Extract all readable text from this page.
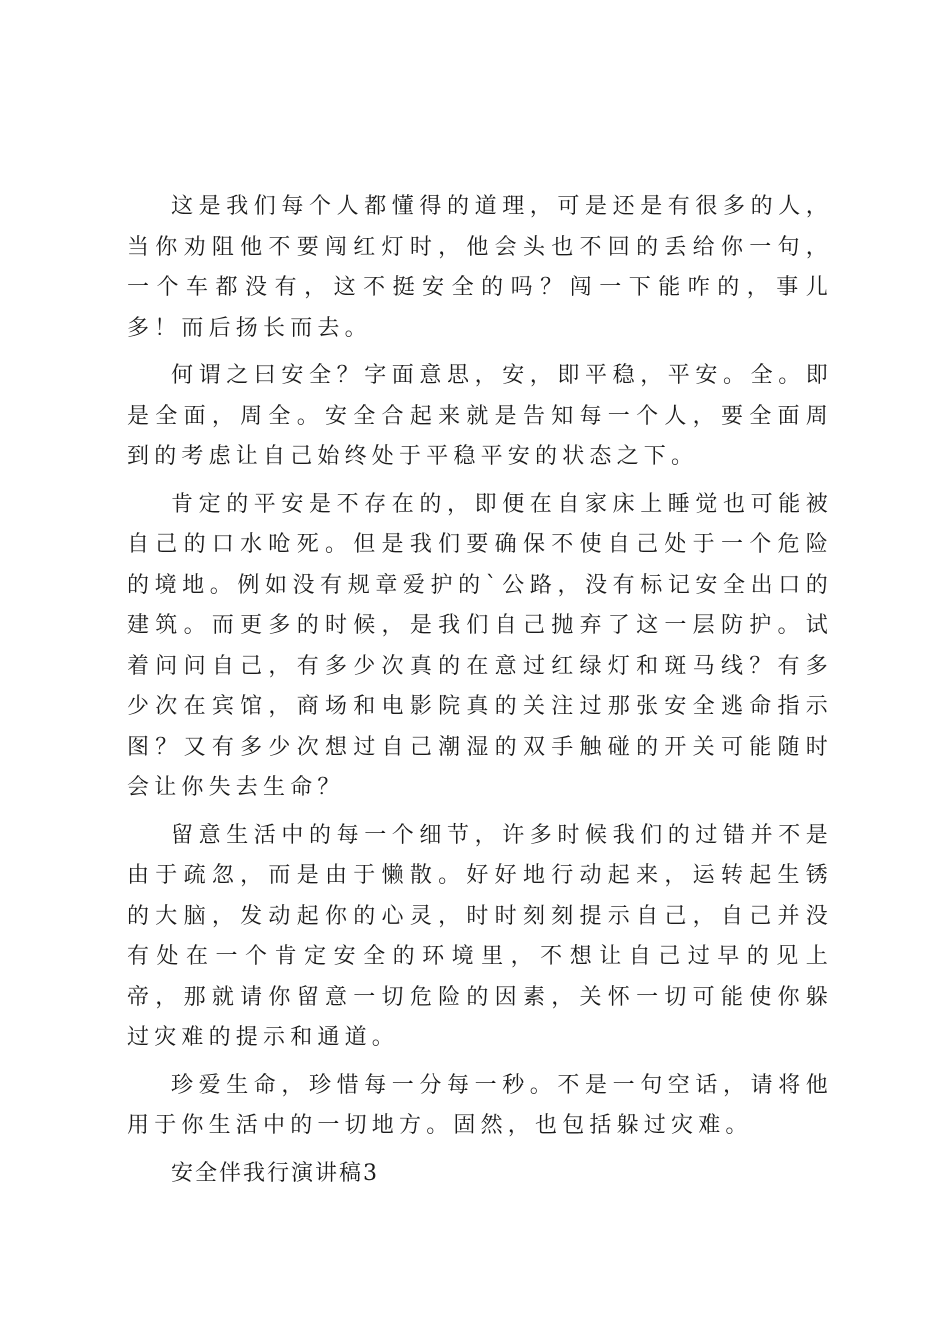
这是我们每个人都懂得的道理，可是还是有很多的人，当你劝阻他不要闯红灯时，他会头也不回的丢给你一句，一个车都没有，这不挺安全的吗？闯一下能咋的，事儿多！而后扬长而去。

何谓之曰安全？字面意思，安，即平稳，平安。全。即是全面，周全。安全合起来就是告知每一个人，要全面周到的考虑让自己始终处于平稳平安的状态之下。

肯定的平安是不存在的，即便在自家床上睡觉也可能被自己的口水呛死。但是我们要确保不使自己处于一个危险的境地。例如没有规章爱护的`公路，没有标记安全出口的建筑。而更多的时候，是我们自己抛弃了这一层防护。试着问问自己，有多少次真的在意过红绿灯和斑马线？有多少次在宾馆，商场和电影院真的关注过那张安全逃命指示图？又有多少次想过自己潮湿的双手触碰的开关可能随时会让你失去生命？

留意生活中的每一个细节，许多时候我们的过错并不是由于疏忽，而是由于懒散。好好地行动起来，运转起生锈的大脑，发动起你的心灵，时时刻刻提示自己，自己并没有处在一个肯定安全的环境里，不想让自己过早的见上帝，那就请你留意一切危险的因素，关怀一切可能使你躲过灾难的提示和通道。

珍爱生命，珍惜每一分每一秒。不是一句空话，请将他用于你生活中的一切地方。固然，也包括躲过灾难。

安全伴我行演讲稿3
